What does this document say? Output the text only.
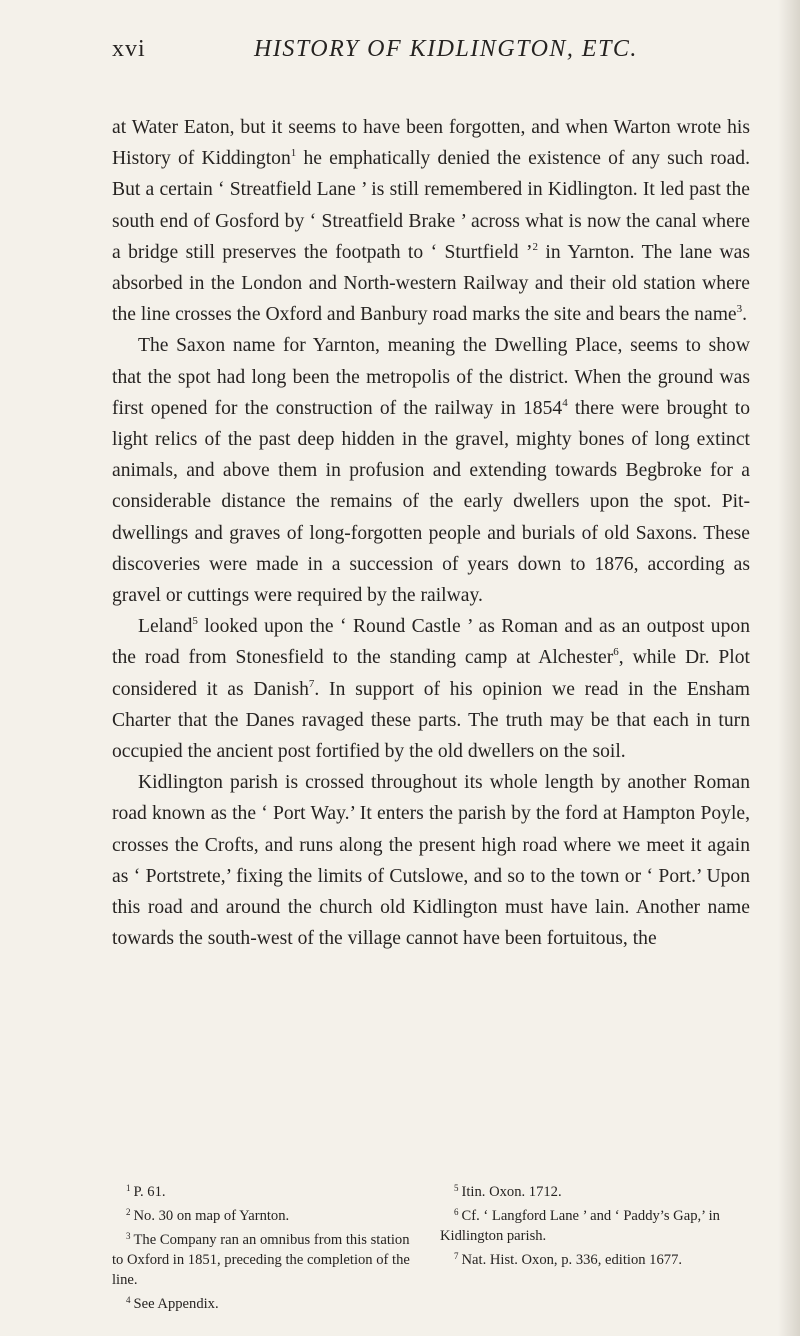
xvi	HISTORY OF KIDLINGTON, ETC.

at Water Eaton, but it seems to have been forgotten, and when Warton wrote his History of Kiddington$^1$ he emphatically denied the existence of any such road. But a certain ‘ Streatfield Lane ’ is still remembered in Kidlington. It led past the south end of Gosford by ‘ Streatfield Brake ’ across what is now the canal where a bridge still preserves the footpath to ‘ Sturtfield ’$^2$ in Yarnton. The lane was absorbed in the London and North-western Railway and their old station where the line crosses the Oxford and Banbury road marks the site and bears the name$^3$.

The Saxon name for Yarnton, meaning the Dwelling Place, seems to show that the spot had long been the metropolis of the district. When the ground was first opened for the construction of the railway in 1854$^4$ there were brought to light relics of the past deep hidden in the gravel, mighty bones of long extinct animals, and above them in profusion and extending towards Begbroke for a considerable distance the remains of the early dwellers upon the spot. Pit-dwellings and graves of long-forgotten people and burials of old Saxons. These discoveries were made in a succession of years down to 1876, according as gravel or cuttings were required by the railway.

Leland$^5$ looked upon the ‘ Round Castle ’ as Roman and as an outpost upon the road from Stonesfield to the standing camp at Alchester$^6$, while Dr. Plot considered it as Danish$^7$. In support of his opinion we read in the Ensham Charter that the Danes ravaged these parts. The truth may be that each in turn occupied the ancient post fortified by the old dwellers on the soil.

Kidlington parish is crossed throughout its whole length by another Roman road known as the ‘ Port Way.’ It enters the parish by the ford at Hampton Poyle, crosses the Crofts, and runs along the present high road where we meet it again as ‘ Portstrete,’ fixing the limits of Cutslowe, and so to the town or ‘ Port.’ Upon this road and around the church old Kidlington must have lain. Another name towards the south-west of the village cannot have been fortuitous, the

$^1$ P. 61.

$^2$ No. 30 on map of Yarnton.

$^3$ The Company ran an omnibus from this station to Oxford in 1851, preceding the completion of the line.

$^4$ See Appendix.

$^5$ Itin. Oxon. 1712.

$^6$ Cf. ‘ Langford Lane ’ and ‘ Paddy’s Gap,’ in Kidlington parish.

$^7$ Nat. Hist. Oxon, p. 336, edition 1677.
